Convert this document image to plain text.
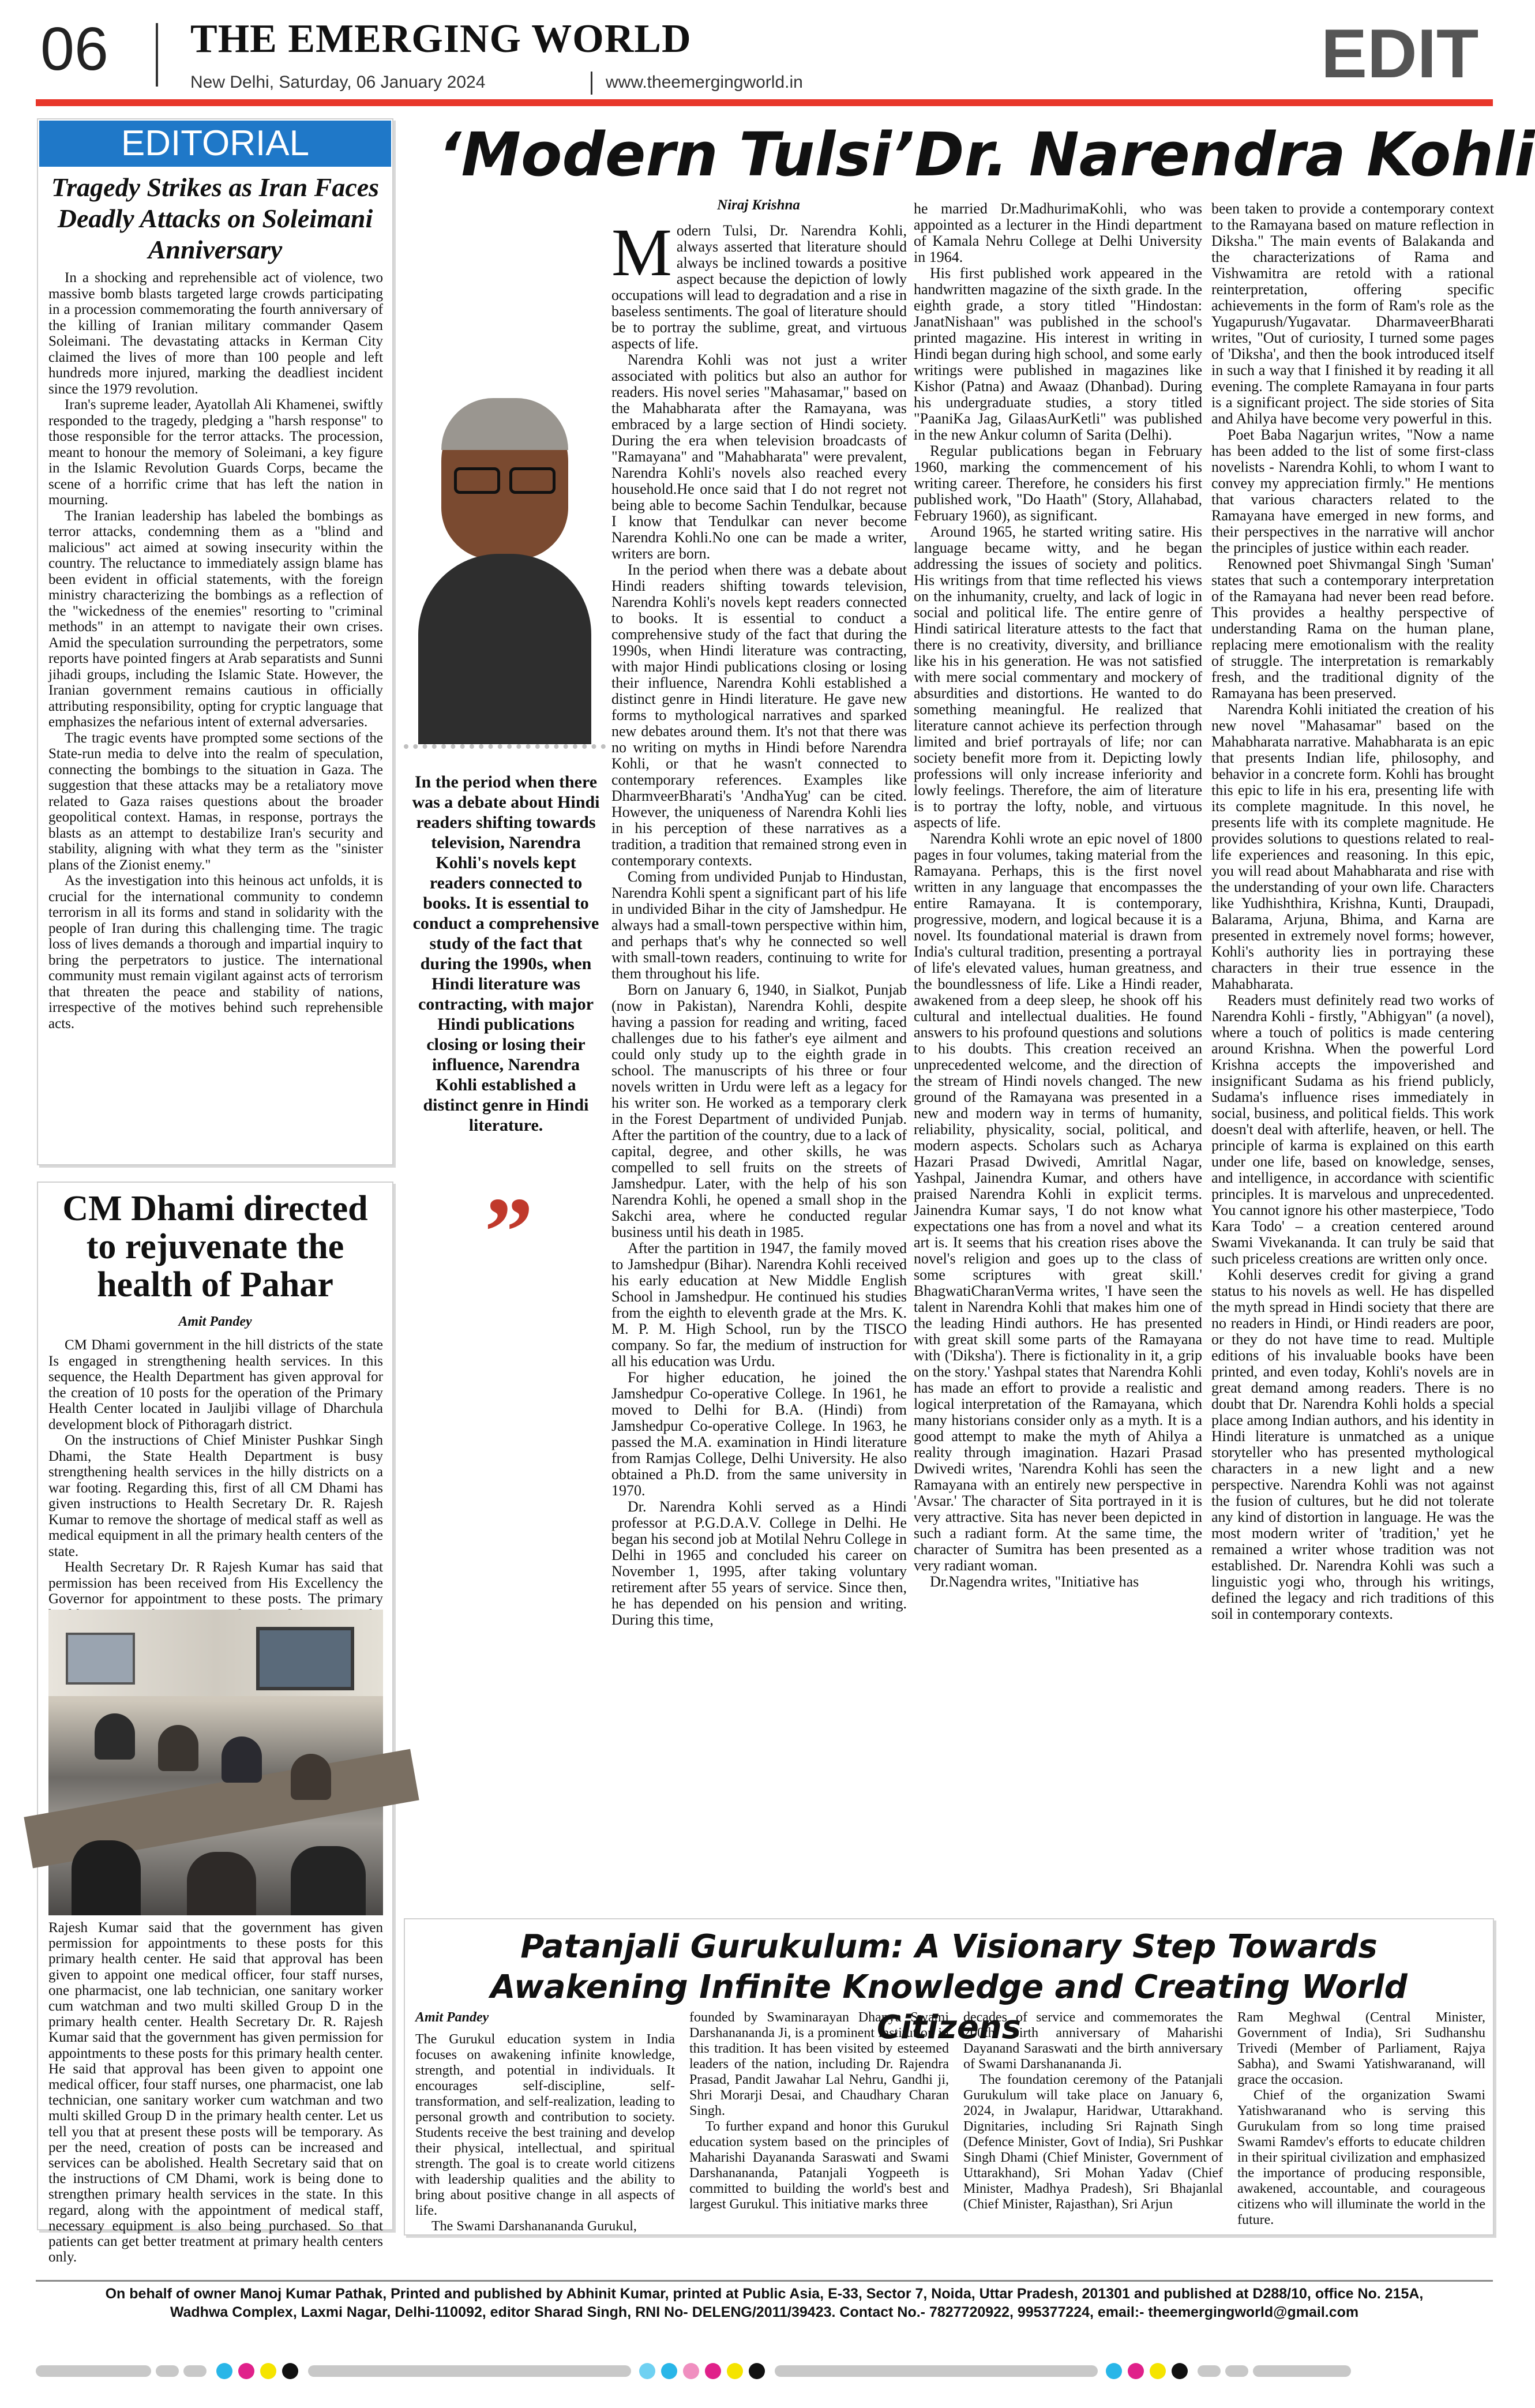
06 THE EMERGING WORLD
New Delhi, Saturday, 06 January 2024	www.theemergingworld.in	EDIT
EDITORIAL
Tragedy Strikes as Iran Faces Deadly Attacks on Soleimani Anniversary

In a shocking and reprehensible act of violence, two massive bomb blasts targeted large crowds participating in a procession commemorating the fourth anniversary of the killing of Iranian military commander Qasem Soleimani. The devastating attacks in Kerman City claimed the lives of more than 100 people and left hundreds more injured, marking the deadliest incident since the 1979 revolution.

Iran's supreme leader, Ayatollah Ali Khamenei, swiftly responded to the tragedy, pledging a "harsh response" to those responsible for the terror attacks. The procession, meant to honour the memory of Soleimani, a key figure in the Islamic Revolution Guards Corps, became the scene of a horrific crime that has left the nation in mourning.

The Iranian leadership has labeled the bombings as terror attacks, condemning them as a "blind and malicious" act aimed at sowing insecurity within the country. The reluctance to immediately assign blame has been evident in official statements, with the foreign ministry characterizing the bombings as a reflection of the "wickedness of the enemies" resorting to "criminal methods" in an attempt to navigate their own crises. Amid the speculation surrounding the perpetrators, some reports have pointed fingers at Arab separatists and Sunni jihadi groups, including the Islamic State. However, the Iranian government remains cautious in officially attributing responsibility, opting for cryptic language that emphasizes the nefarious intent of external adversaries.

The tragic events have prompted some sections of the State-run media to delve into the realm of speculation, connecting the bombings to the situation in Gaza. The suggestion that these attacks may be a retaliatory move related to Gaza raises questions about the broader geopolitical context. Hamas, in response, portrays the blasts as an attempt to destabilize Iran's security and stability, aligning with what they term as the "sinister plans of the Zionist enemy."

As the investigation into this heinous act unfolds, it is crucial for the international community to condemn terrorism in all its forms and stand in solidarity with the people of Iran during this challenging time. The tragic loss of lives demands a thorough and impartial inquiry to bring the perpetrators to justice. The international community must remain vigilant against acts of terrorism that threaten the peace and stability of nations, irrespective of the motives behind such reprehensible acts.

CM Dhami directed to rejuvenate the health of Pahar
Amit Pandey

CM Dhami government in the hill districts of the state Is engaged in strengthening health services. In this sequence, the Health Department has given approval for the creation of 10 posts for the operation of the Primary Health Center located in Jauljibi village of Dharchula development block of Pithoragarh district.

On the instructions of Chief Minister Pushkar Singh Dhami, the State Health Department is busy strengthening health services in the hilly districts on a war footing. Regarding this, first of all CM Dhami has given instructions to Health Secretary Dr. R. Rajesh Kumar to remove the shortage of medical staff as well as medical equipment in all the primary health centers of the state.

Health Secretary Dr. R Rajesh Kumar has said that permission has been received from His Excellency the Governor for appointment to these posts. The primary

Rajesh Kumar said that the government has given permission for appointments to these posts for this primary health center. He said that approval has been given to appoint one medical officer, four staff nurses, one pharmacist, one lab technician, one sanitary worker cum watchman and two multi skilled Group D in the primary health center. Health Secretary Dr. R. Rajesh Kumar said that the government has given permission for appointments to these posts for this primary health center. He said that approval has been given to appoint one medical officer, four staff nurses, one pharmacist, one lab technician, one sanitary worker cum watchman and two multi skilled Group D in the primary health center. Let us tell you that at present these posts will be temporary. As per the need, creation of posts can be increased and services can be abolished. Health Secretary said that on the instructions of CM Dhami, work is being done to strengthen primary health services in the state. In this regard, along with the appointment of medical staff, necessary equipment is also being purchased. So that patients can get better treatment at primary health centers only.

‘Modern Tulsi’Dr. Narendra Kohli
In the period when there was a debate about Hindi readers shifting towards television, Narendra Kohli's novels kept readers connected to books. It is essential to conduct a comprehensive study of the fact that during the 1990s, when Hindi literature was contracting, with major Hindi publications closing or losing their influence, Narendra Kohli established a distinct genre in Hindi literature.
”
Niraj Krishna
M odern Tulsi, Dr. Narendra Kohli, always asserted that literature should always be inclined towards a positive aspect because the depiction of lowly occupations will lead to degradation and a rise in baseless sentiments. The goal of literature should be to portray the sublime, great, and virtuous aspects of life.

Narendra Kohli was not just a writer associated with politics but also an author for readers. His novel series "Mahasamar," based on the Mahabharata after the Ramayana, was embraced by a large section of Hindi society. During the era when television broadcasts of "Ramayana" and "Mahabharata" were prevalent, Narendra Kohli's novels also reached every household.He once said that I do not regret not being able to become Sachin Tendulkar, because I know that Tendulkar can never become Narendra Kohli.No one can be made a writer, writers are born.

In the period when there was a debate about Hindi readers shifting towards television, Narendra Kohli's novels kept readers connected to books. It is essential to conduct a comprehensive study of the fact that during the 1990s, when Hindi literature was contracting, with major Hindi publications closing or losing their influence, Narendra Kohli established a distinct genre in Hindi literature. He gave new forms to mythological narratives and sparked new debates around them. It's not that there was no writing on myths in Hindi before Narendra Kohli, or that he wasn't connected to contemporary references. Examples like DharmveerBharati's 'AndhaYug' can be cited. However, the uniqueness of Narendra Kohli lies in his perception of these narratives as a tradition, a tradition that remained strong even in contemporary contexts.

Coming from undivided Punjab to Hindustan, Narendra Kohli spent a significant part of his life in undivided Bihar in the city of Jamshedpur. He always had a small-town perspective within him, and perhaps that's why he connected so well with small-town readers, continuing to write for them throughout his life.

Born on January 6, 1940, in Sialkot, Punjab (now in Pakistan), Narendra Kohli, despite having a passion for reading and writing, faced challenges due to his father's eye ailment and could only study up to the eighth grade in school. The manuscripts of his three or four novels written in Urdu were left as a legacy for his writer son. He worked as a temporary clerk in the Forest Department of undivided Punjab. After the partition of the country, due to a lack of capital, degree, and other skills, he was compelled to sell fruits on the streets of Jamshedpur. Later, with the help of his son Narendra Kohli, he opened a small shop in the Sakchi area, where he conducted regular business until his death in 1985.

After the partition in 1947, the family moved to Jamshedpur (Bihar). Narendra Kohli received his early education at New Middle English School in Jamshedpur. He continued his studies from the eighth to eleventh grade at the Mrs. K. M. P. M. High School, run by the TISCO company. So far, the medium of instruction for all his education was Urdu.

For higher education, he joined the Jamshedpur Co-operative College. In 1961, he moved to Delhi for B.A. (Hindi) from Jamshedpur Co-operative College. In 1963, he passed the M.A. examination in Hindi literature from Ramjas College, Delhi University. He also obtained a Ph.D. from the same university in 1970.

Dr. Narendra Kohli served as a Hindi professor at P.G.D.A.V. College in Delhi. He began his second job at Motilal Nehru College in Delhi in 1965 and concluded his career on November 1, 1995, after taking voluntary retirement after 55 years of service. Since then, he has depended on his pension and writing. During this time,

he married Dr.MadhurimaKohli, who was appointed as a lecturer in the Hindi department of Kamala Nehru College at Delhi University in 1964.

His first published work appeared in the handwritten magazine of the sixth grade. In the eighth grade, a story titled "Hindostan: JanatNishaan" was published in the school's printed magazine. His interest in writing in Hindi began during high school, and some early writings were published in magazines like Kishor (Patna) and Awaaz (Dhanbad). During his undergraduate studies, a story titled "PaaniKa Jag, GilaasAurKetli" was published in the new Ankur column of Sarita (Delhi).

Regular publications began in February 1960, marking the commencement of his writing career. Therefore, he considers his first published work, "Do Haath" (Story, Allahabad, February 1960), as significant.

Around 1965, he started writing satire. His language became witty, and he began addressing the issues of society and politics. His writings from that time reflected his views on the inhumanity, cruelty, and lack of logic in social and political life. The entire genre of Hindi satirical literature attests to the fact that there is no creativity, diversity, and brilliance like his in his generation. He was not satisfied with mere social commentary and mockery of absurdities and distortions. He wanted to do something meaningful. He realized that literature cannot achieve its perfection through limited and brief portrayals of life; nor can society benefit more from it. Depicting lowly professions will only increase inferiority and lowly feelings. Therefore, the aim of literature is to portray the lofty, noble, and virtuous aspects of life.

Narendra Kohli wrote an epic novel of 1800 pages in four volumes, taking material from the Ramayana. Perhaps, this is the first novel written in any language that encompasses the entire Ramayana. It is contemporary, progressive, modern, and logical because it is a novel. Its foundational material is drawn from India's cultural tradition, presenting a portrayal of life's elevated values, human greatness, and the boundlessness of life. Like a Hindi reader, awakened from a deep sleep, he shook off his cultural and intellectual dualities. He found answers to his profound questions and solutions to his doubts. This creation received an unprecedented welcome, and the direction of the stream of Hindi novels changed. The new ground of the Ramayana was presented in a new and modern way in terms of humanity, reliability, physicality, social, political, and modern aspects. Scholars such as Acharya Hazari Prasad Dwivedi, Amritlal Nagar, Yashpal, Jainendra Kumar, and others have praised Narendra Kohli in explicit terms. Jainendra Kumar says, 'I do not know what expectations one has from a novel and what its art is. It seems that his creation rises above the novel's religion and goes up to the class of some scriptures with great skill.' BhagwatiCharanVerma writes, 'I have seen the talent in Narendra Kohli that makes him one of the leading Hindi authors. He has presented with great skill some parts of the Ramayana with ('Diksha'). There is fictionality in it, a grip on the story.' Yashpal states that Narendra Kohli has made an effort to provide a realistic and logical interpretation of the Ramayana, which many historians consider only as a myth. It is a good attempt to make the myth of Ahilya a reality through imagination. Hazari Prasad Dwivedi writes, 'Narendra Kohli has seen the Ramayana with an entirely new perspective in 'Avsar.' The character of Sita portrayed in it is very attractive. Sita has never been depicted in such a radiant form. At the same time, the character of Sumitra has been presented as a very radiant woman.

Dr.Nagendra writes, "Initiative has

been taken to provide a contemporary context to the Ramayana based on mature reflection in Diksha." The main events of Balakanda and the characterizations of Rama and Vishwamitra are retold with a rational reinterpretation, offering specific achievements in the form of Ram's role as the Yugapurush/Yugavatar. DharmaveerBharati writes, "Out of curiosity, I turned some pages of 'Diksha', and then the book introduced itself in such a way that I finished it by reading it all evening. The complete Ramayana in four parts is a significant project. The side stories of Sita and Ahilya have become very powerful in this.

Poet Baba Nagarjun writes, "Now a name has been added to the list of some first-class novelists - Narendra Kohli, to whom I want to convey my appreciation firmly." He mentions that various characters related to the Ramayana have emerged in new forms, and their perspectives in the narrative will anchor the principles of justice within each reader.

Renowned poet Shivmangal Singh 'Suman' states that such a contemporary interpretation of the Ramayana had never been read before. This provides a healthy perspective of understanding Rama on the human plane, replacing mere emotionalism with the reality of struggle. The interpretation is remarkably fresh, and the traditional dignity of the Ramayana has been preserved.

Narendra Kohli initiated the creation of his new novel "Mahasamar" based on the Mahabharata narrative. Mahabharata is an epic that presents Indian life, philosophy, and behavior in a concrete form. Kohli has brought this epic to life in his era, presenting life with its complete magnitude. In this novel, he presents life with its complete magnitude. He provides solutions to questions related to real-life experiences and reasoning. In this epic, you will read about Mahabharata and rise with the understanding of your own life. Characters like Yudhishthira, Krishna, Kunti, Draupadi, Balarama, Arjuna, Bhima, and Karna are presented in extremely novel forms; however, Kohli's authority lies in portraying these characters in their true essence in the Mahabharata.

Readers must definitely read two works of Narendra Kohli - firstly, "Abhigyan" (a novel), where a touch of politics is made centering around Krishna. When the powerful Lord Krishna accepts the impoverished and insignificant Sudama as his friend publicly, Sudama's influence rises immediately in social, business, and political fields. This work doesn't deal with afterlife, heaven, or hell. The principle of karma is explained on this earth under one life, based on knowledge, senses, and intelligence, in accordance with scientific principles. It is marvelous and unprecedented. You cannot ignore his other masterpiece, 'Todo Kara Todo' – a creation centered around Swami Vivekananda. It can truly be said that such priceless creations are written only once.

Kohli deserves credit for giving a grand status to his novels as well. He has dispelled the myth spread in Hindi society that there are no readers in Hindi, or Hindi readers are poor, or they do not have time to read. Multiple editions of his invaluable books have been printed, and even today, Kohli's novels are in great demand among readers. There is no doubt that Dr. Narendra Kohli holds a special place among Indian authors, and his identity in Hindi literature is unmatched as a unique storyteller who has presented mythological characters in a new light and a new perspective. Narendra Kohli was not against the fusion of cultures, but he did not tolerate any kind of distortion in language. He was the most modern writer of 'tradition,' yet he remained a writer whose tradition was not established. Dr. Narendra Kohli was such a linguistic yogi who, through his writings, defined the legacy and rich traditions of this soil in contemporary contexts.

Patanjali Gurukulum: A Visionary Step Towards Awakening Infinite Knowledge and Creating World Citizens
Amit Pandey

The Gurukul education system in India focuses on awakening infinite knowledge, strength, and potential in individuals. It encourages self-discipline, self-transformation, and self-realization, leading to personal growth and contribution to society. Students receive the best training and develop their physical, intellectual, and spiritual strength. The goal is to create world citizens with leadership qualities and the ability to bring about positive change in all aspects of life.

The Swami Darshanananda Gurukul,

founded by Swaminarayan Dhanya Swami Darshanananda Ji, is a prominent institution in this tradition. It has been visited by esteemed leaders of the nation, including Dr. Rajendra Prasad, Pandit Jawahar Lal Nehru, Gandhi ji, Shri Morarji Desai, and Chaudhary Charan Singh.

To further expand and honor this Gurukul education system based on the principles of Maharishi Dayananda Saraswati and Swami Darshanananda, Patanjali Yogpeeth is committed to building the world's best and largest Gurukul. This initiative marks three

decades of service and commemorates the 200th birth anniversary of Maharishi Dayanand Saraswati and the birth anniversary of Swami Darshanananda Ji.

The foundation ceremony of the Patanjali Gurukulum will take place on January 6, 2024, in Jwalapur, Haridwar, Uttarakhand. Dignitaries, including Sri Rajnath Singh (Defence Minister, Govt of India), Sri Pushkar Singh Dhami (Chief Minister, Government of Uttarakhand), Sri Mohan Yadav (Chief Minister, Madhya Pradesh), Sri Bhajanlal (Chief Minister, Rajasthan), Sri Arjun

Ram Meghwal (Central Minister, Government of India), Sri Sudhanshu Trivedi (Member of Parliament, Rajya Sabha), and Swami Yatishwaranand, will grace the occasion.

Chief of the organization Swami Yatishwaranand who is serving this Gurukulam from so long time praised Swami Ramdev's efforts to educate children in their spiritual civilization and emphasized the importance of producing responsible, awakened, accountable, and courageous citizens who will illuminate the world in the future.

On behalf of owner Manoj Kumar Pathak, Printed and published by Abhinit Kumar, printed at Public Asia, E-33, Sector 7, Noida, Uttar Pradesh, 201301 and published at D288/10, office No. 215A, Wadhwa Complex, Laxmi Nagar, Delhi-110092, editor Sharad Singh, RNI No- DELENG/2011/39423. Contact No.- 7827720922, 995377224, email:- theemergingworld@gmail.com
